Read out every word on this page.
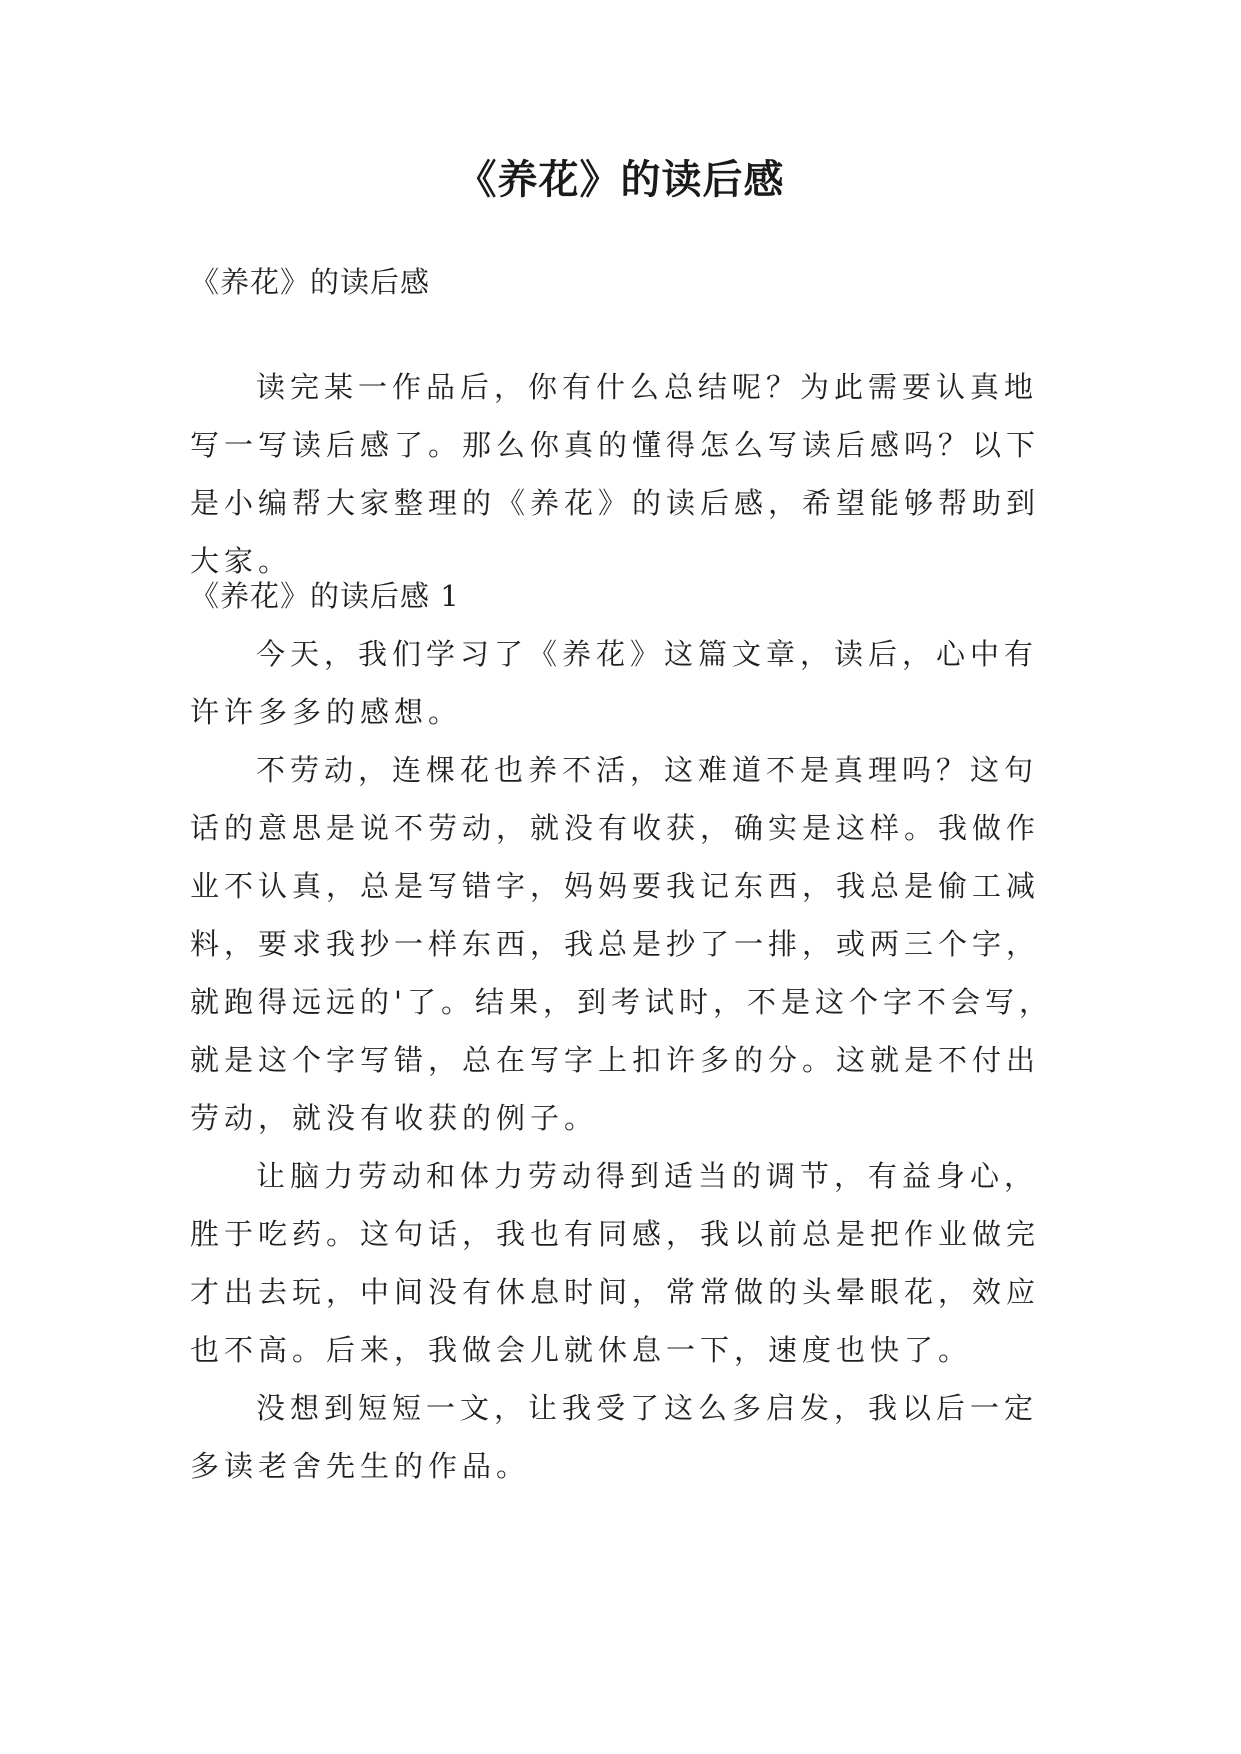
《养花》的读后感

《养花》的读后感

读完某一作品后，你有什么总结呢？为此需要认真地写一写读后感了。那么你真的懂得怎么写读后感吗？以下是小编帮大家整理的《养花》的读后感，希望能够帮助到大家。

《养花》的读后感 1

今天，我们学习了《养花》这篇文章，读后，心中有许许多多的感想。

不劳动，连棵花也养不活，这难道不是真理吗？这句话的意思是说不劳动，就没有收获，确实是这样。我做作业不认真，总是写错字，妈妈要我记东西，我总是偷工减料，要求我抄一样东西，我总是抄了一排，或两三个字，就跑得远远的'了。结果，到考试时，不是这个字不会写，就是这个字写错，总在写字上扣许多的分。这就是不付出劳动，就没有收获的例子。

让脑力劳动和体力劳动得到适当的调节，有益身心，胜于吃药。这句话，我也有同感，我以前总是把作业做完才出去玩，中间没有休息时间，常常做的头晕眼花，效应也不高。后来，我做会儿就休息一下，速度也快了。

没想到短短一文，让我受了这么多启发，我以后一定多读老舍先生的作品。
